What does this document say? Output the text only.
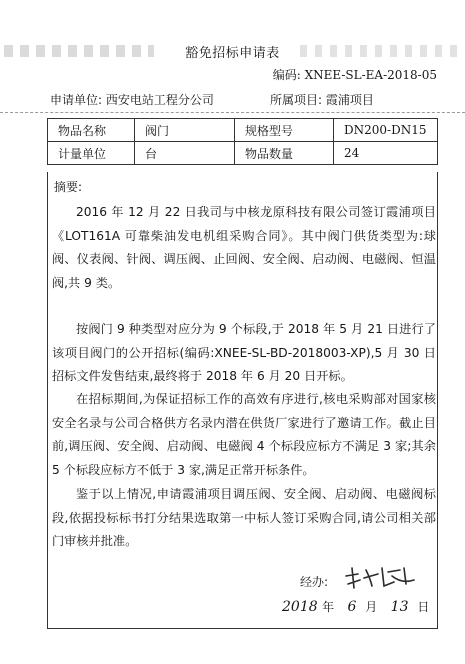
豁免招标申请表
编码: XNEE-SL-EA-2018-05
申请单位: 西安电站工程分公司	所属项目: 霞浦项目
物品名称	阀门	规格型号	DN200-DN15
计量单位	台	物品数量	24
摘要:

2016 年 12 月 22 日我司与中核龙原科技有限公司签订霞浦项目《LOT161A 可靠柴油发电机组采购合同》。其中阀门供货类型为:球阀、仪表阀、针阀、调压阀、止回阀、安全阀、启动阀、电磁阀、恒温阀,共 9 类。

按阀门 9 种类型对应分为 9 个标段,于 2018 年 5 月 21 日进行了该项目阀门的公开招标(编码:XNEE-SL-BD-2018003-XP),5 月 30 日招标文件发售结束,最终将于 2018 年 6 月 20 日开标。

在招标期间,为保证招标工作的高效有序进行,核电采购部对国家核安全名录与公司合格供方名录内潜在供货厂家进行了邀请工作。截止目前,调压阀、安全阀、启动阀、电磁阀 4 个标段应标方不满足 3 家;其余 5 个标段应标方不低于 3 家,满足正常开标条件。

鉴于以上情况,申请霞浦项目调压阀、安全阀、启动阀、电磁阀标段,依据投标标书打分结果选取第一中标人签订采购合同,请公司相关部门审核并批准。

经办:
2018 年 6 月 13 日
